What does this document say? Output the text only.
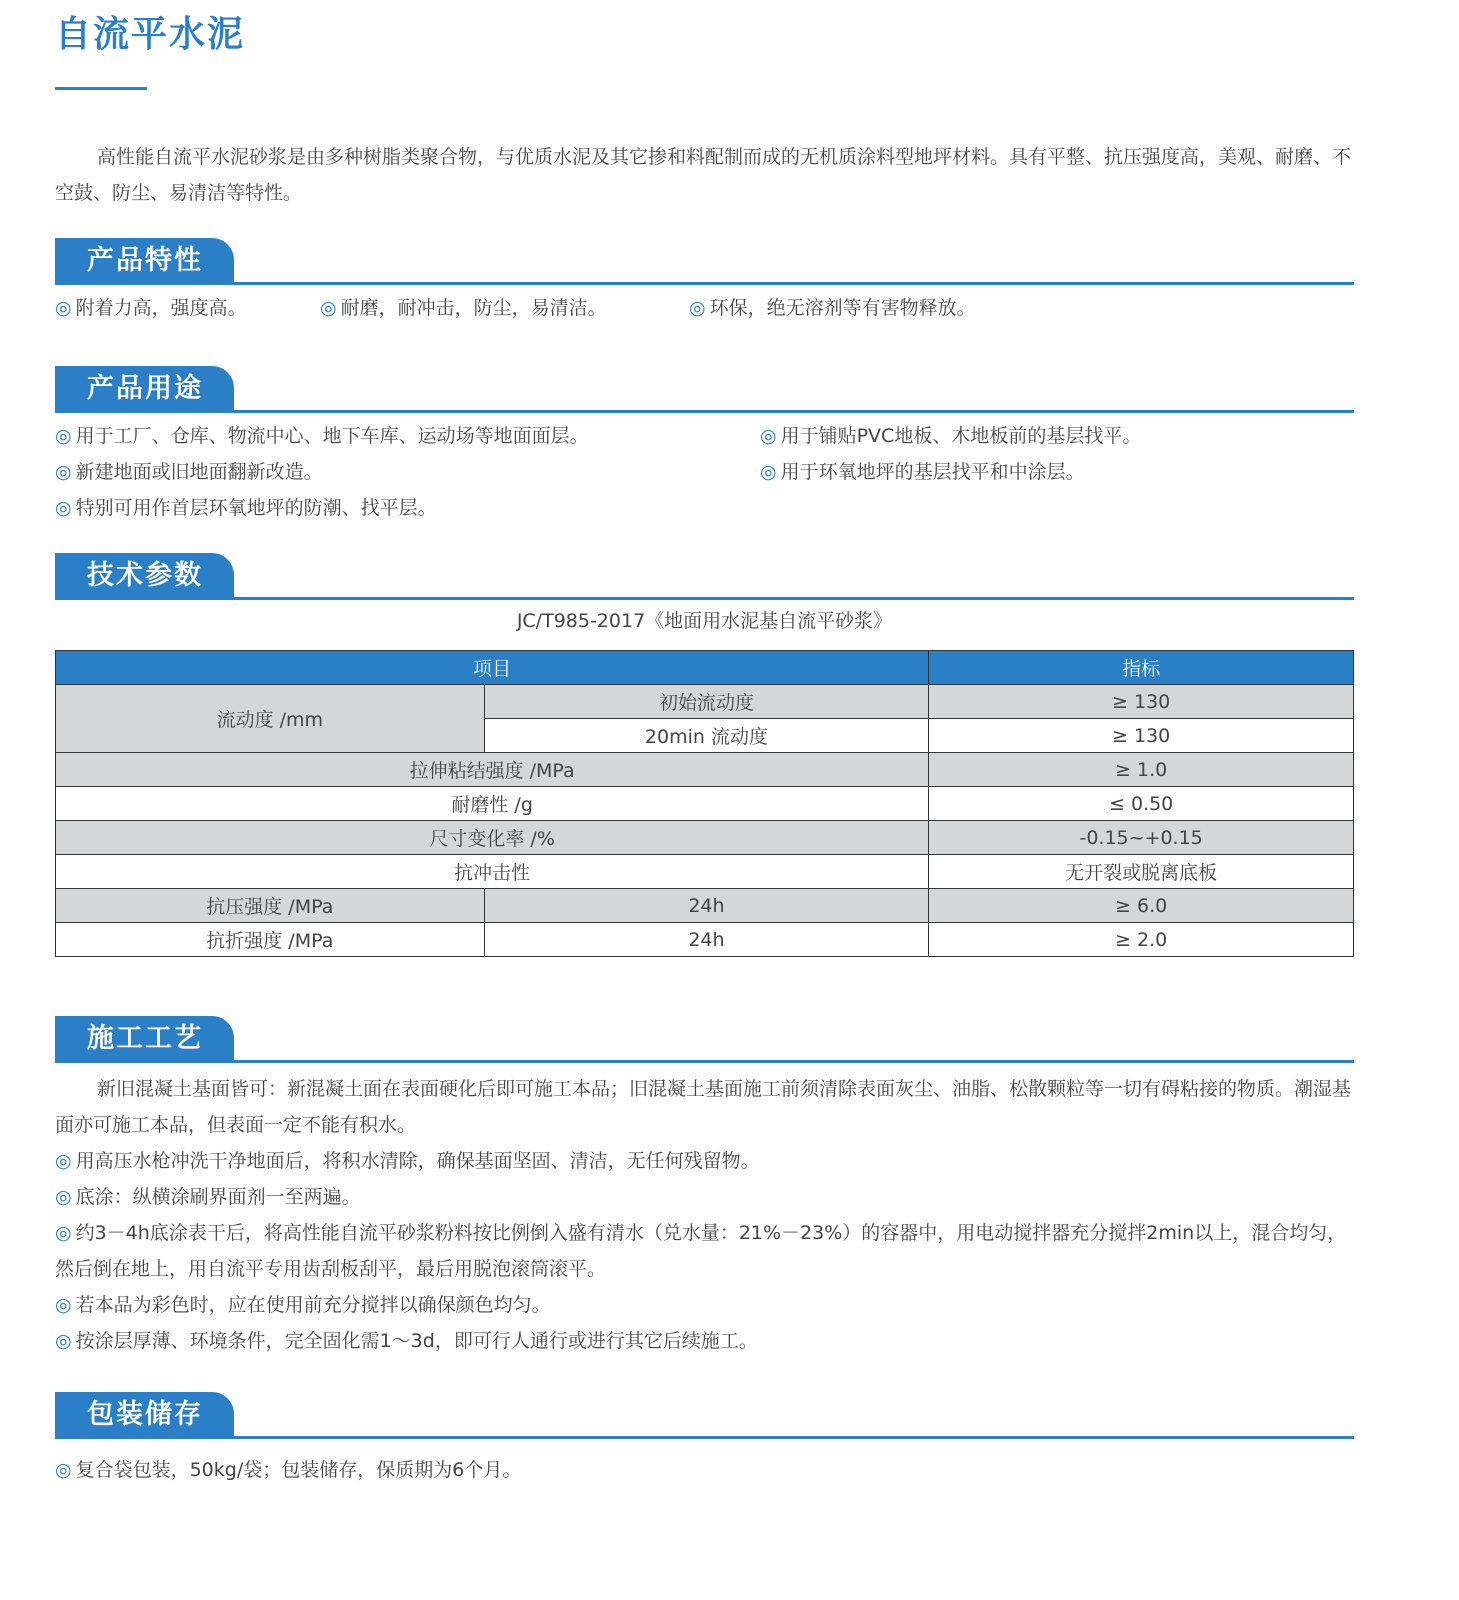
自流平水泥
高性能自流平水泥砂浆是由多种树脂类聚合物，与优质水泥及其它掺和料配制而成的无机质涂料型地坪材料。具有平整、抗压强度高，美观、耐磨、不空鼓、防尘、易清洁等特性。
产品特性
◎ 附着力高，强度高。	◎ 耐磨，耐冲击，防尘，易清洁。	◎ 环保，绝无溶剂等有害物释放。
产品用途
◎ 用于工厂、仓库、物流中心、地下车库、运动场等地面面层。	◎ 用于铺贴PVC地板、木地板前的基层找平。
◎ 新建地面或旧地面翻新改造。	◎ 用于环氧地坪的基层找平和中涂层。
◎ 特别可用作首层环氧地坪的防潮、找平层。
技术参数
JC/T985-2017《地面用水泥基自流平砂浆》
项目		指标
流动度 /mm	初始流动度	≥ 130
	20min 流动度	≥ 130
拉伸粘结强度 /MPa		≥ 1.0
耐磨性 /g		≤ 0.50
尺寸变化率 /%		-0.15~+0.15
抗冲击性		无开裂或脱离底板
抗压强度 /MPa	24h	≥ 6.0
抗折强度 /MPa	24h	≥ 2.0
施工工艺
新旧混凝土基面皆可：新混凝土面在表面硬化后即可施工本品；旧混凝土基面施工前须清除表面灰尘、油脂、松散颗粒等一切有碍粘接的物质。潮湿基面亦可施工本品，但表面一定不能有积水。
◎ 用高压水枪冲洗干净地面后，将积水清除，确保基面坚固、清洁，无任何残留物。
◎ 底涂：纵横涂刷界面剂一至两遍。
◎ 约3－4h底涂表干后，将高性能自流平砂浆粉料按比例倒入盛有清水（兑水量：21%－23%）的容器中，用电动搅拌器充分搅拌2min以上，混合均匀，然后倒在地上，用自流平专用齿刮板刮平，最后用脱泡滚筒滚平。
◎ 若本品为彩色时，应在使用前充分搅拌以确保颜色均匀。
◎ 按涂层厚薄、环境条件，完全固化需1～3d，即可行人通行或进行其它后续施工。
包装储存
◎ 复合袋包装，50kg/袋；包装储存，保质期为6个月。
